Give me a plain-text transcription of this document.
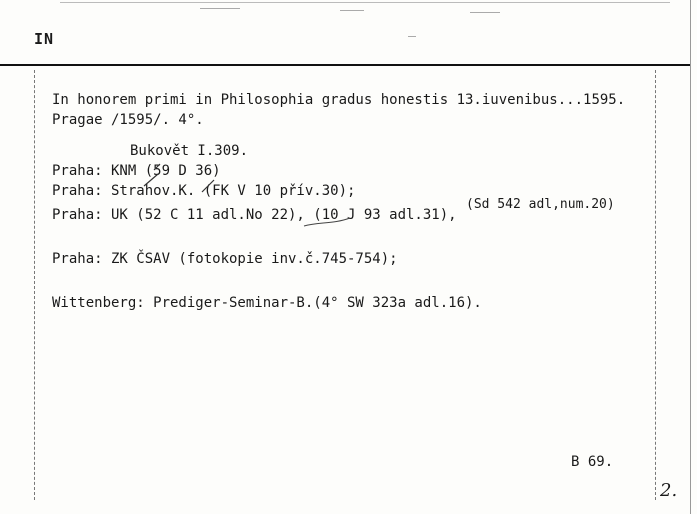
IN
In honorem primi in Philosophia gradus honestis 13.iuvenibus...1595.
Pragae /1595/. 4°.
Bukovět I.309.
Praha: KNM (59 D 36)
Praha: Strahov.K. (FK V 10 přív.30);
Praha: UK (52 C 11 adl.No 22), (10 J 93 adl.31),
(Sd 542 adl,num.20)
Praha: ZK ČSAV (fotokopie inv.č.745-754);
Wittenberg: Prediger-Seminar-B.(4° SW 323a adl.16).
B 69.
2.
